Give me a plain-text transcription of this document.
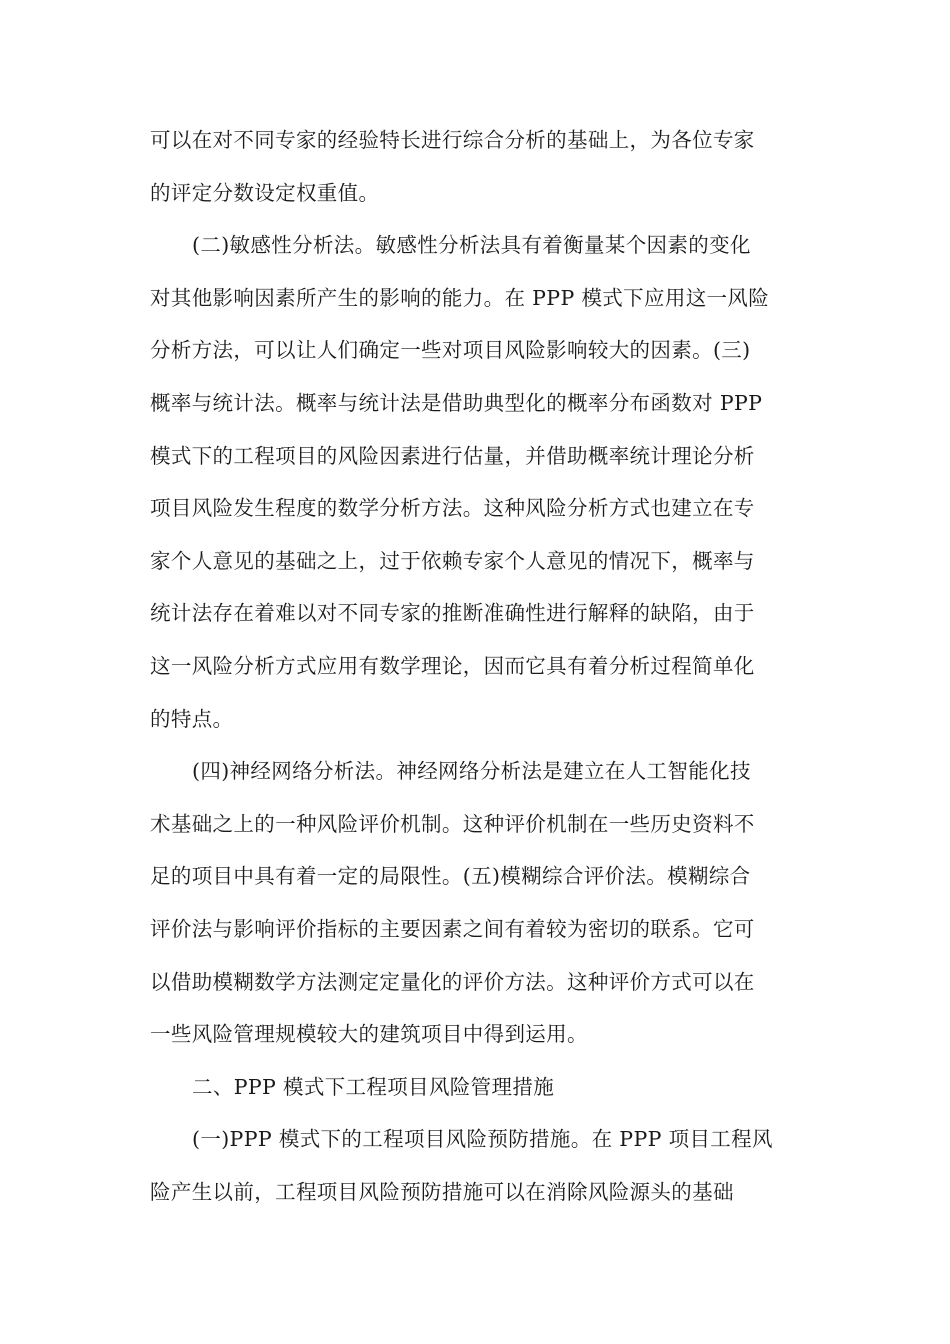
可以在对不同专家的经验特长进行综合分析的基础上，为各位专家
的评定分数设定权重值。
(二)敏感性分析法。敏感性分析法具有着衡量某个因素的变化
对其他影响因素所产生的影响的能力。在 PPP 模式下应用这一风险
分析方法，可以让人们确定一些对项目风险影响较大的因素。(三)
概率与统计法。概率与统计法是借助典型化的概率分布函数对 PPP
模式下的工程项目的风险因素进行估量，并借助概率统计理论分析
项目风险发生程度的数学分析方法。这种风险分析方式也建立在专
家个人意见的基础之上，过于依赖专家个人意见的情况下，概率与
统计法存在着难以对不同专家的推断准确性进行解释的缺陷，由于
这一风险分析方式应用有数学理论，因而它具有着分析过程简单化
的特点。
(四)神经网络分析法。神经网络分析法是建立在人工智能化技
术基础之上的一种风险评价机制。这种评价机制在一些历史资料不
足的项目中具有着一定的局限性。(五)模糊综合评价法。模糊综合
评价法与影响评价指标的主要因素之间有着较为密切的联系。它可
以借助模糊数学方法测定定量化的评价方法。这种评价方式可以在
一些风险管理规模较大的建筑项目中得到运用。
二、PPP 模式下工程项目风险管理措施
(一)PPP 模式下的工程项目风险预防措施。在 PPP 项目工程风
险产生以前，工程项目风险预防措施可以在消除风险源头的基础
